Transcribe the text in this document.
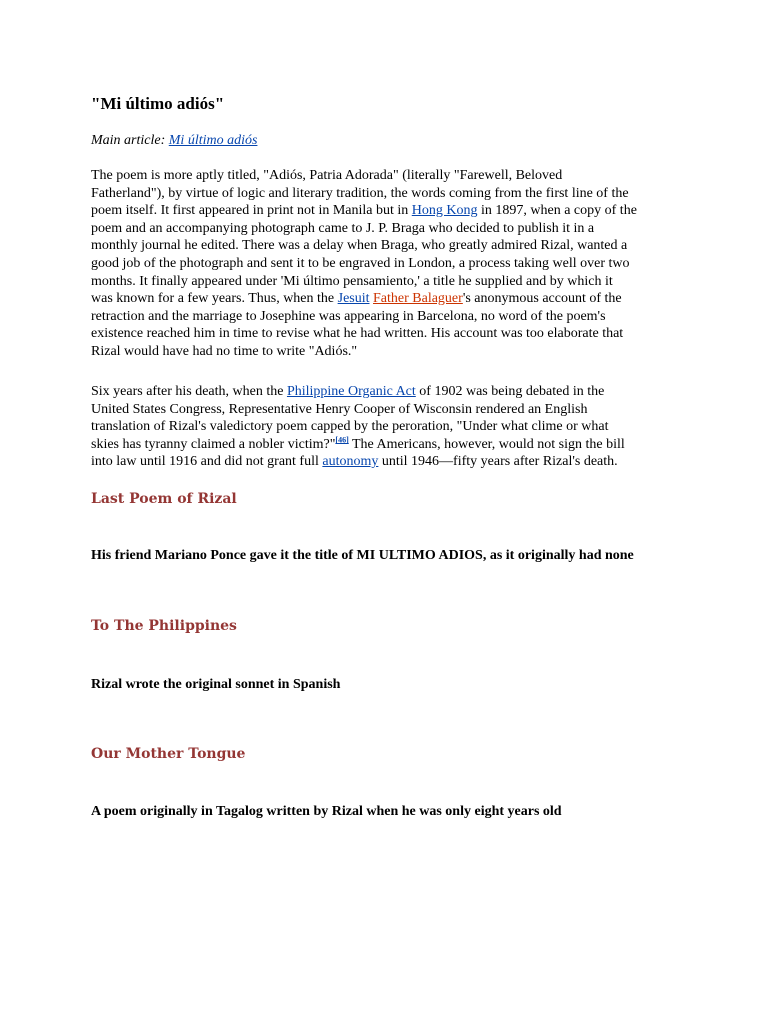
"Mi último adiós"
Main article: Mi último adiós

The poem is more aptly titled, "Adiós, Patria Adorada" (literally "Farewell, Beloved
Fatherland"), by virtue of logic and literary tradition, the words coming from the first line of the
poem itself. It first appeared in print not in Manila but in Hong Kong in 1897, when a copy of the
poem and an accompanying photograph came to J. P. Braga who decided to publish it in a
monthly journal he edited. There was a delay when Braga, who greatly admired Rizal, wanted a
good job of the photograph and sent it to be engraved in London, a process taking well over two
months. It finally appeared under 'Mi último pensamiento,' a title he supplied and by which it
was known for a few years. Thus, when the Jesuit Father Balaguer's anonymous account of the
retraction and the marriage to Josephine was appearing in Barcelona, no word of the poem's
existence reached him in time to revise what he had written. His account was too elaborate that
Rizal would have had no time to write "Adiós."

Six years after his death, when the Philippine Organic Act of 1902 was being debated in the
United States Congress, Representative Henry Cooper of Wisconsin rendered an English
translation of Rizal's valedictory poem capped by the peroration, "Under what clime or what
skies has tyranny claimed a nobler victim?"[46] The Americans, however, would not sign the bill
into law until 1916 and did not grant full autonomy until 1946—fifty years after Rizal's death.

Last Poem of Rizal

His friend Mariano Ponce gave it the title of MI ULTIMO ADIOS, as it originally had none

To The Philippines

Rizal wrote the original sonnet in Spanish

Our Mother Tongue

A poem originally in Tagalog written by Rizal when he was only eight years old
